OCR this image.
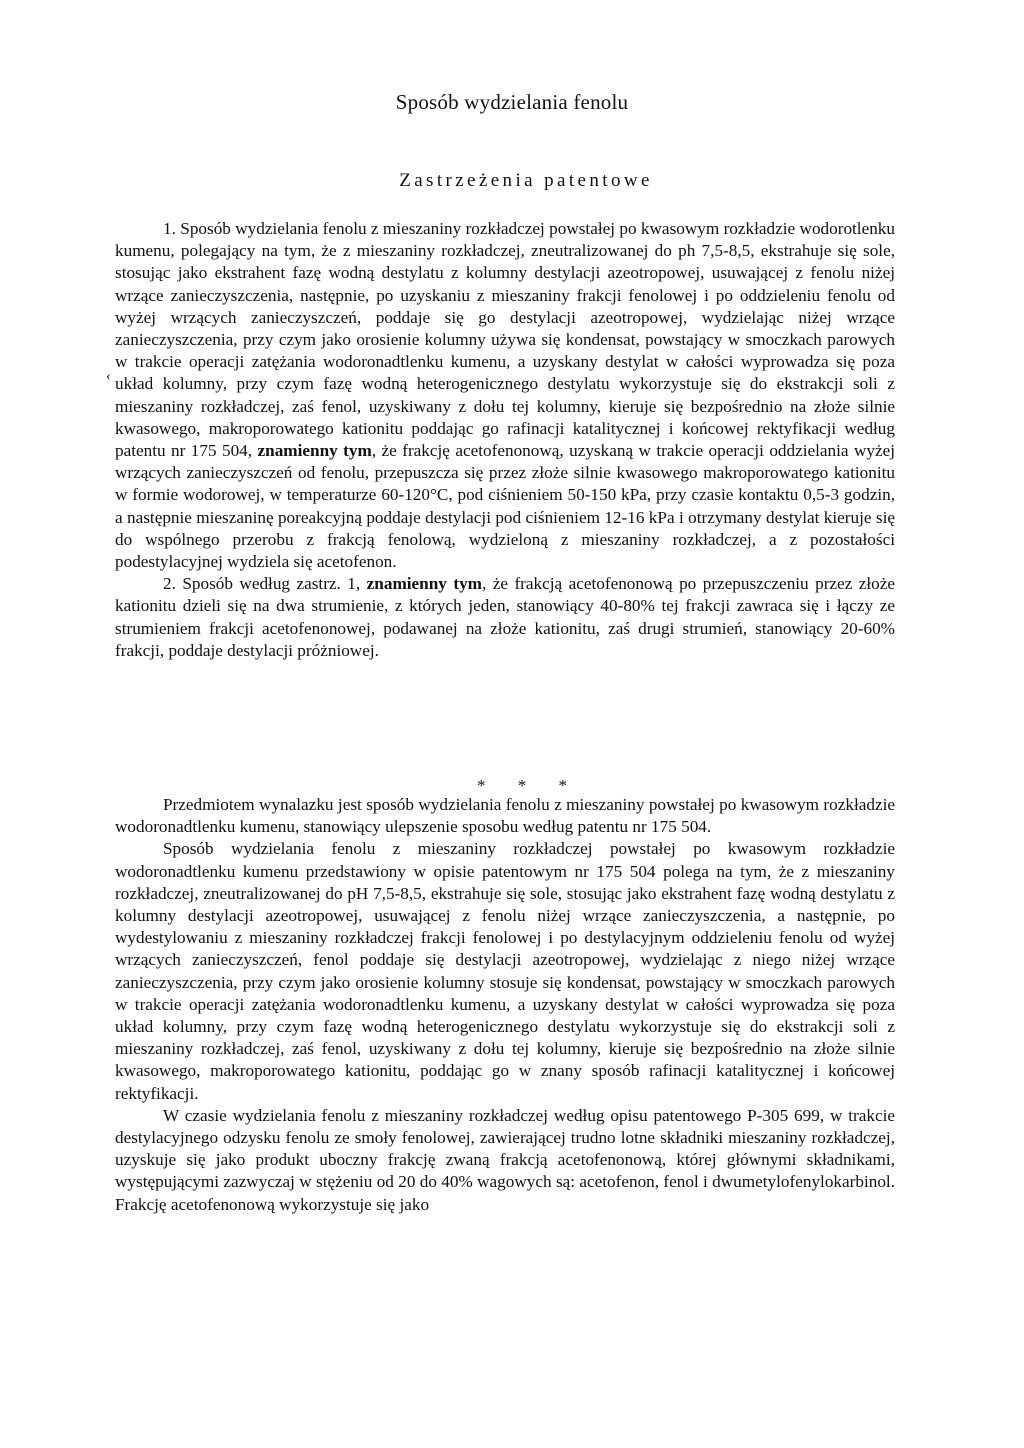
Sposób wydzielania fenolu
Zastrzeżenia patentowe
‹

1. Sposób wydzielania fenolu z mieszaniny rozkładczej powstałej po kwasowym rozkładzie wodorotlenku kumenu, polegający na tym, że z mieszaniny rozkładczej, zneutralizowanej do ph 7,5-8,5, ekstrahuje się sole, stosując jako ekstrahent fazę wodną destylatu z kolumny destylacji azeotropowej, usuwającej z fenolu niżej wrzące zanieczyszczenia, następnie, po uzyskaniu z mieszaniny frakcji fenolowej i po oddzieleniu fenolu od wyżej wrzących zanieczyszczeń, poddaje się go destylacji azeotropowej, wydzielając niżej wrzące zanieczyszczenia, przy czym jako orosienie kolumny używa się kondensat, powstający w smoczkach parowych w trakcie operacji zatężania wodoronadtlenku kumenu, a uzyskany destylat w całości wyprowadza się poza układ kolumny, przy czym fazę wodną heterogenicznego destylatu wykorzystuje się do ekstrakcji soli z mieszaniny rozkładczej, zaś fenol, uzyskiwany z dołu tej kolumny, kieruje się bezpośrednio na złoże silnie kwasowego, makroporowatego kationitu poddając go rafinacji katalitycznej i końcowej rektyfikacji według patentu nr 175 504, znamienny tym, że frakcję acetofenonową, uzyskaną w trakcie operacji oddzielania wyżej wrzących zanieczyszczeń od fenolu, przepuszcza się przez złoże silnie kwasowego makroporowatego kationitu w formie wodorowej, w temperaturze 60-120°C, pod ciśnieniem 50-150 kPa, przy czasie kontaktu 0,5-3 godzin, a następnie mieszaninę poreakcyjną poddaje destylacji pod ciśnieniem 12-16 kPa i otrzymany destylat kieruje się do wspólnego przerobu z frakcją fenolową, wydzieloną z mieszaniny rozkładczej, a z pozostałości podestylacyjnej wydziela się acetofenon.

2. Sposób według zastrz. 1, znamienny tym, że frakcją acetofenonową po przepuszczeniu przez złoże kationitu dzieli się na dwa strumienie, z których jeden, stanowiący 40-80% tej frakcji zawraca się i łączy ze strumieniem frakcji acetofenonowej, podawanej na złoże kationitu, zaś drugi strumień, stanowiący 20-60% frakcji, poddaje destylacji próżniowej.

* * *

Przedmiotem wynalazku jest sposób wydzielania fenolu z mieszaniny powstałej po kwasowym rozkładzie wodoronadtlenku kumenu, stanowiący ulepszenie sposobu według patentu nr 175 504.

Sposób wydzielania fenolu z mieszaniny rozkładczej powstałej po kwasowym rozkładzie wodoronadtlenku kumenu przedstawiony w opisie patentowym nr 175 504 polega na tym, że z mieszaniny rozkładczej, zneutralizowanej do pH 7,5-8,5, ekstrahuje się sole, stosując jako ekstrahent fazę wodną destylatu z kolumny destylacji azeotropowej, usuwającej z fenolu niżej wrzące zanieczyszczenia, a następnie, po wydestylowaniu z mieszaniny rozkładczej frakcji fenolowej i po destylacyjnym oddzieleniu fenolu od wyżej wrzących zanieczyszczeń, fenol poddaje się destylacji azeotropowej, wydzielając z niego niżej wrzące zanieczyszczenia, przy czym jako orosienie kolumny stosuje się kondensat, powstający w smoczkach parowych w trakcie operacji zatężania wodoronadtlenku kumenu, a uzyskany destylat w całości wyprowadza się poza układ kolumny, przy czym fazę wodną heterogenicznego destylatu wykorzystuje się do ekstrakcji soli z mieszaniny rozkładczej, zaś fenol, uzyskiwany z dołu tej kolumny, kieruje się bezpośrednio na złoże silnie kwasowego, makroporowatego kationitu, poddając go w znany sposób rafinacji katalitycznej i końcowej rektyfikacji.

W czasie wydzielania fenolu z mieszaniny rozkładczej według opisu patentowego P-305 699, w trakcie destylacyjnego odzysku fenolu ze smoły fenolowej, zawierającej trudno lotne składniki mieszaniny rozkładczej, uzyskuje się jako produkt uboczny frakcję zwaną frakcją acetofenonową, której głównymi składnikami, występującymi zazwyczaj w stężeniu od 20 do 40% wagowych są: acetofenon, fenol i dwumetylofenylokarbinol. Frakcję acetofenonową wykorzystuje się jako
